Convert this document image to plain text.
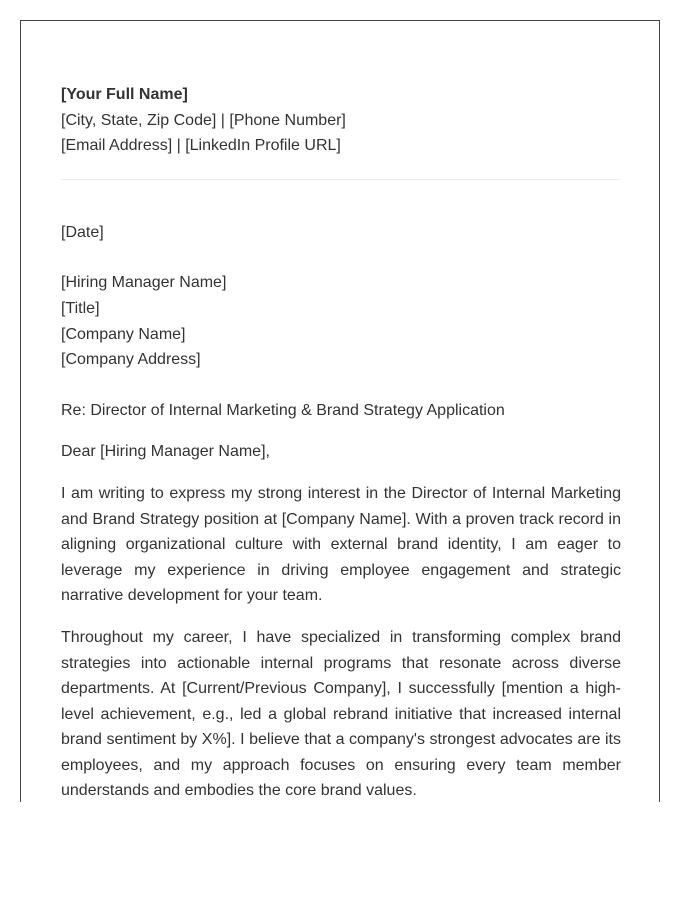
[Your Full Name]

[City, State, Zip Code] | [Phone Number]

[Email Address] | [LinkedIn Profile URL]

[Date]

[Hiring Manager Name]

[Title]

[Company Name]

[Company Address]

Re: Director of Internal Marketing & Brand Strategy Application

Dear [Hiring Manager Name],

I am writing to express my strong interest in the Director of Internal Marketing and Brand Strategy position at [Company Name]. With a proven track record in aligning organizational culture with external brand identity, I am eager to leverage my experience in driving employee engagement and strategic narrative development for your team.

Throughout my career, I have specialized in transforming complex brand strategies into actionable internal programs that resonate across diverse departments. At [Current/Previous Company], I successfully [mention a high-level achievement, e.g., led a global rebrand initiative that increased internal brand sentiment by X%]. I believe that a company's strongest advocates are its employees, and my approach focuses on ensuring every team member understands and embodies the core brand values.
